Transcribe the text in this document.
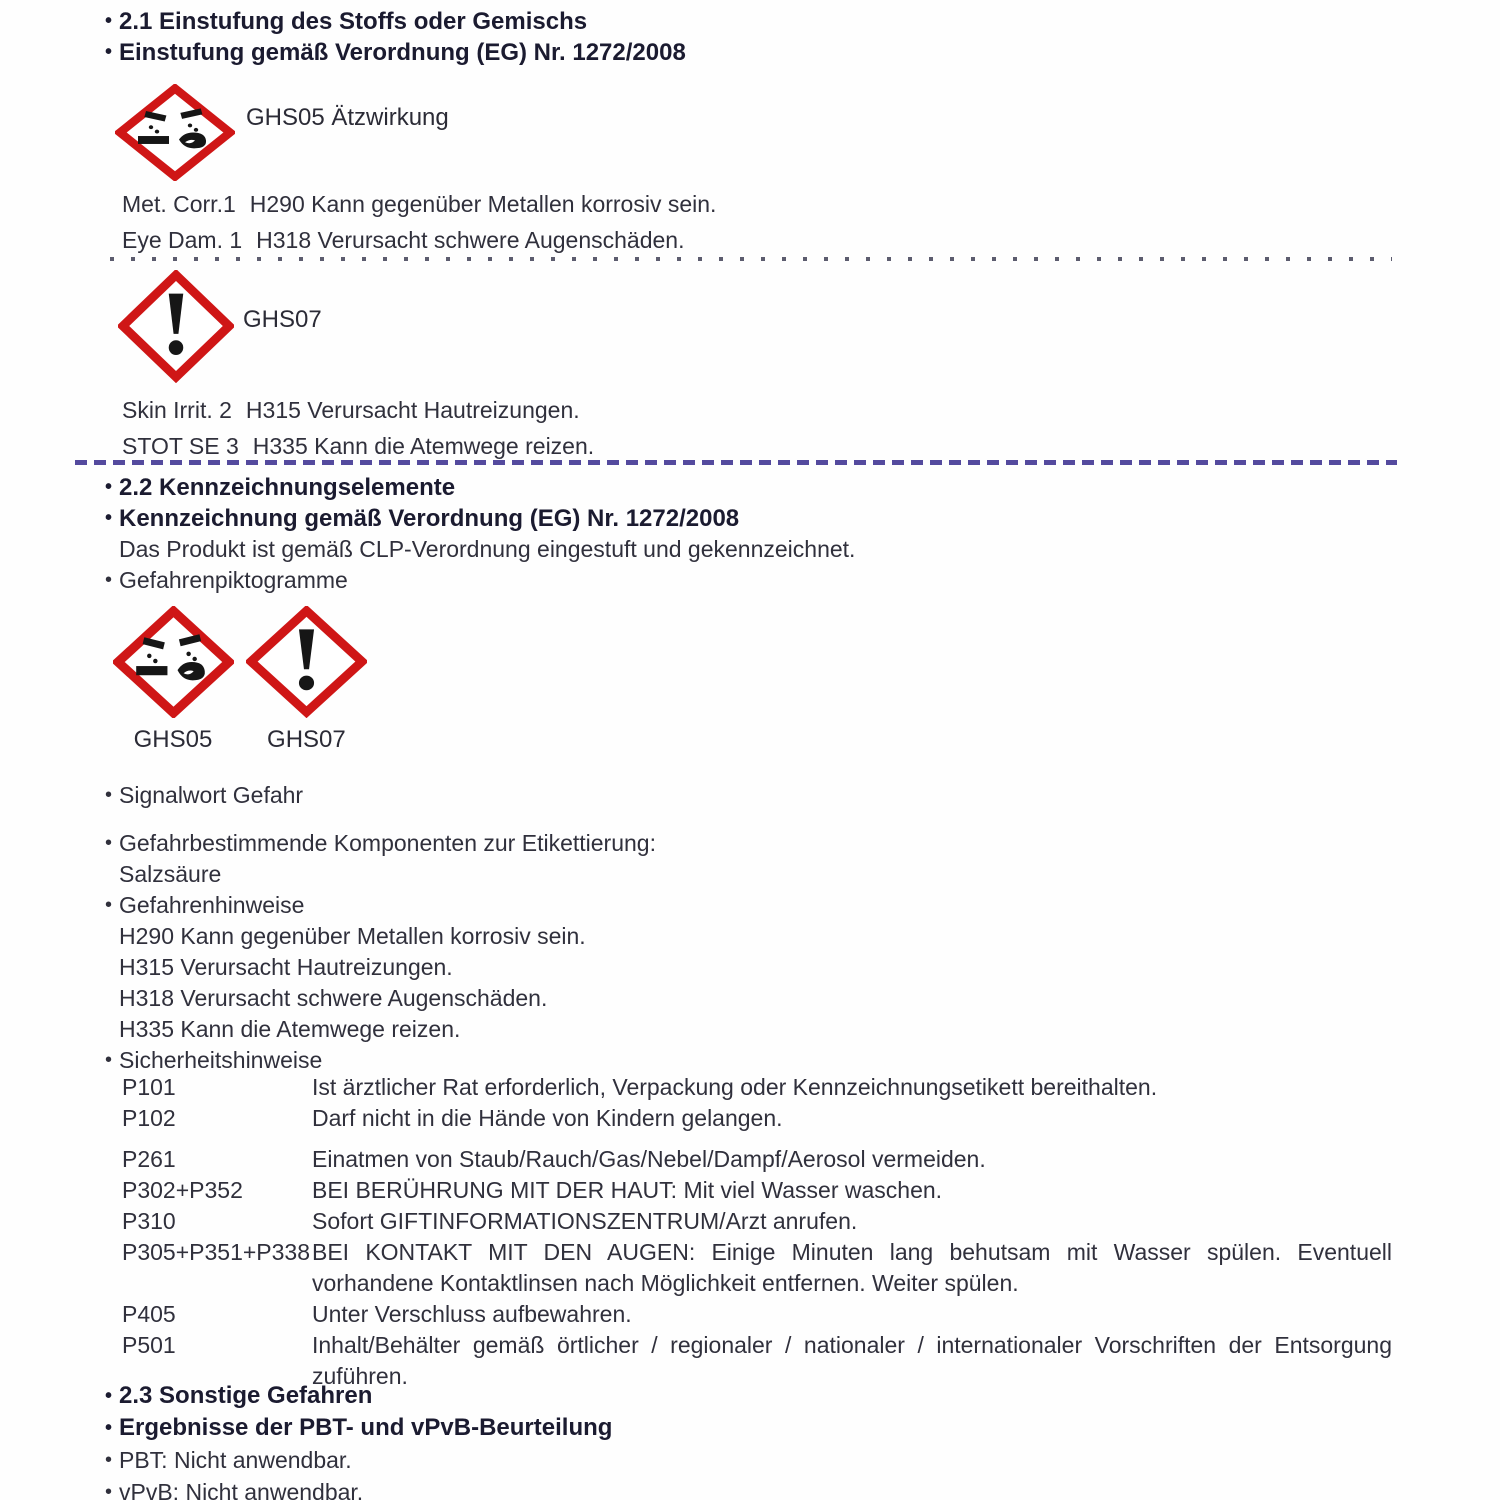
• 2.1 Einstufung des Stoffs oder Gemischs
• Einstufung gemäß Verordnung (EG) Nr. 1272/2008
GHS05 Ätzwirkung
Met. Corr.1 H290 Kann gegenüber Metallen korrosiv sein.
Eye Dam. 1 H318 Verursacht schwere Augenschäden.
GHS07
Skin Irrit. 2 H315 Verursacht Hautreizungen.
STOT SE 3 H335 Kann die Atemwege reizen.
• 2.2 Kennzeichnungselemente
• Kennzeichnung gemäß Verordnung (EG) Nr. 1272/2008
Das Produkt ist gemäß CLP-Verordnung eingestuft und gekennzeichnet.
• Gefahrenpiktogramme
GHS05
	GHS07
• Signalwort Gefahr
• Gefahrbestimmende Komponenten zur Etikettierung:
Salzsäure
• Gefahrenhinweise
H290 Kann gegenüber Metallen korrosiv sein.
H315 Verursacht Hautreizungen.
H318 Verursacht schwere Augenschäden.
H335 Kann die Atemwege reizen.
• Sicherheitshinweise
P101	Ist ärztlicher Rat erforderlich, Verpackung oder Kennzeichnungsetikett bereithalten.
P102	Darf nicht in die Hände von Kindern gelangen.
P261	Einatmen von Staub/Rauch/Gas/Nebel/Dampf/Aerosol vermeiden.
P302+P352	BEI BERÜHRUNG MIT DER HAUT: Mit viel Wasser waschen.
P310	Sofort GIFTINFORMATIONSZENTRUM/Arzt anrufen.
P305+P351+P338 BEI KONTAKT MIT DEN AUGEN: Einige Minuten lang behutsam mit Wasser spülen. Eventuell vorhandene Kontaktlinsen nach Möglichkeit entfernen. Weiter spülen.
P405	Unter Verschluss aufbewahren.
P501	Inhalt/Behälter gemäß örtlicher / regionaler / nationaler / internationaler Vorschriften der Entsorgung zuführen.
• 2.3 Sonstige Gefahren
• Ergebnisse der PBT- und vPvB-Beurteilung
• PBT: Nicht anwendbar.
• vPvB: Nicht anwendbar.
